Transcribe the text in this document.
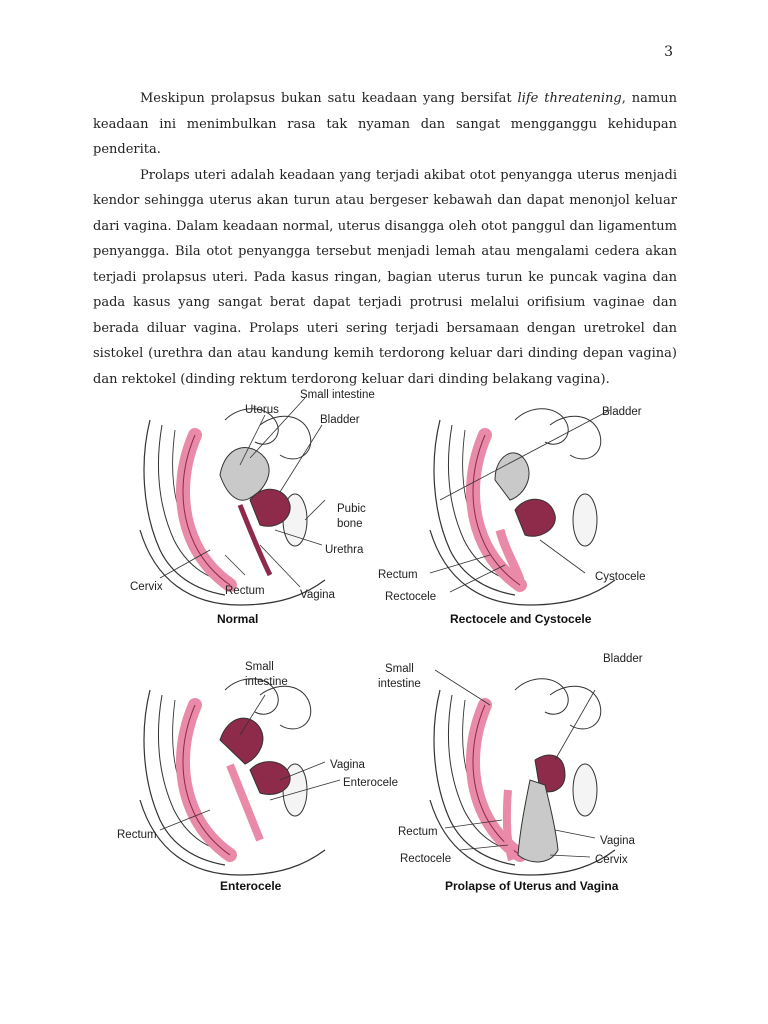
3

Meskipun prolapsus bukan satu keadaan yang bersifat life threatening, namun keadaan ini menimbulkan rasa tak nyaman dan sangat mengganggu kehidupan penderita.

Prolaps uteri adalah keadaan yang terjadi akibat otot penyangga uterus menjadi kendor sehingga uterus akan turun atau bergeser kebawah dan dapat menonjol keluar dari vagina. Dalam keadaan normal, uterus disangga oleh otot panggul dan ligamentum penyangga. Bila otot penyangga tersebut menjadi lemah atau mengalami cedera akan terjadi prolapsus uteri. Pada kasus ringan, bagian uterus turun ke puncak vagina dan pada kasus yang sangat berat dapat terjadi protrusi melalui orifisium vaginae dan berada diluar vagina. Prolaps uteri sering terjadi bersamaan dengan uretrokel dan sistokel (urethra dan atau kandung kemih terdorong keluar dari dinding depan vagina) dan rektokel (dinding rektum terdorong keluar dari dinding belakang vagina).

Small intestine
Uterus
Bladder
Pubic
bone
Urethra
Cervix	Rectum	Vagina
Normal
Bladder
Rectum
Rectocele
Cystocele
Rectocele and Cystocele
Small
intestine
Vagina
Enterocele
Rectum
Enterocele
Small
intestine
Bladder
Rectum
Vagina
Rectocele	Cervix
Prolapse of Uterus and Vagina
